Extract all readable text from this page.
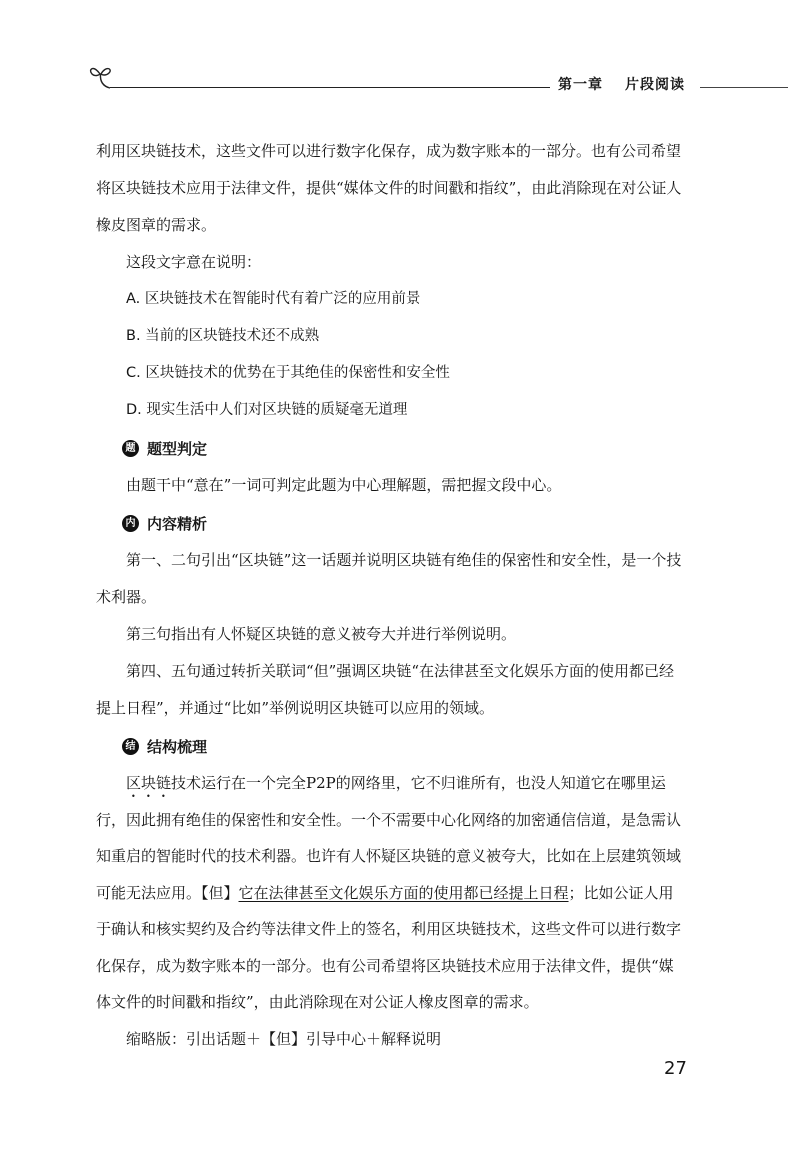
第一章 片段阅读

利用区块链技术，这些文件可以进行数字化保存，成为数字账本的一部分。也有公司希望将区块链技术应用于法律文件，提供“媒体文件的时间戳和指纹”，由此消除现在对公证人橡皮图章的需求。

这段文字意在说明：

A. 区块链技术在智能时代有着广泛的应用前景

B. 当前的区块链技术还不成熟

C. 区块链技术的优势在于其绝佳的保密性和安全性

D. 现实生活中人们对区块链的质疑毫无道理

题 题型判定

由题干中“意在”一词可判定此题为中心理解题，需把握文段中心。

内 内容精析

第一、二句引出“区块链”这一话题并说明区块链有绝佳的保密性和安全性，是一个技术利器。

第三句指出有人怀疑区块链的意义被夸大并进行举例说明。

第四、五句通过转折关联词“但”强调区块链“在法律甚至文化娱乐方面的使用都已经提上日程”，并通过“比如”举例说明区块链可以应用的领域。

结 结构梳理

区块链技术运行在一个完全P2P的网络里，它不归谁所有，也没人知道它在哪里运行，因此拥有绝佳的保密性和安全性。一个不需要中心化网络的加密通信信道，是急需认知重启的智能时代的技术利器。也许有人怀疑区块链的意义被夸大，比如在上层建筑领域可能无法应用。【但】它在法律甚至文化娱乐方面的使用都已经提上日程；比如公证人用于确认和核实契约及合约等法律文件上的签名，利用区块链技术，这些文件可以进行数字化保存，成为数字账本的一部分。也有公司希望将区块链技术应用于法律文件，提供“媒体文件的时间戳和指纹”，由此消除现在对公证人橡皮图章的需求。

缩略版：引出话题＋【但】引导中心＋解释说明

27
